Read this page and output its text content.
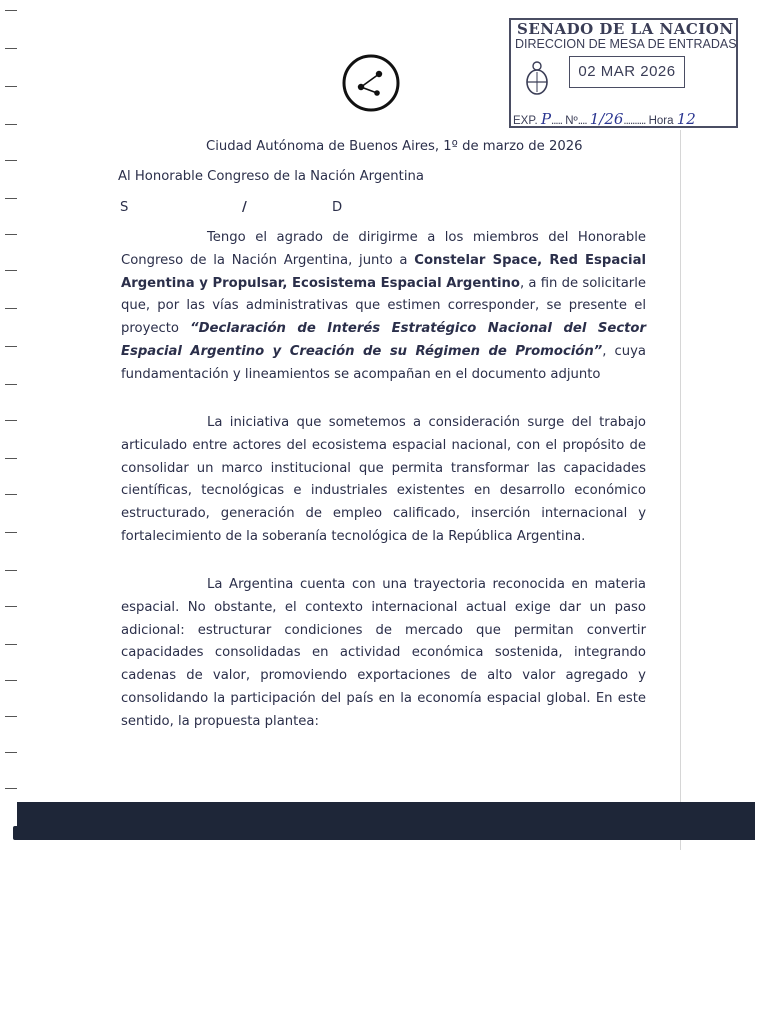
SENADO DE LA NACION
DIRECCION DE MESA DE ENTRADAS
02 MAR 2026
EXP. P..... Nº.... 1/26.......... Hora 12
Ciudad Autónoma de Buenos Aires, 1º de marzo de 2026
Al Honorable Congreso de la Nación Argentina
S	/	D
Tengo el agrado de dirigirme a los miembros del Honorable Congreso de la Nación Argentina, junto a Constelar Space, Red Espacial Argentina y Propulsar, Ecosistema Espacial Argentino, a fin de solicitarle que, por las vías administrativas que estimen corresponder, se presente el proyecto “Declaración de Interés Estratégico Nacional del Sector Espacial Argentino y Creación de su Régimen de Promoción”, cuya fundamentación y lineamientos se acompañan en el documento adjunto
La iniciativa que sometemos a consideración surge del trabajo articulado entre actores del ecosistema espacial nacional, con el propósito de consolidar un marco institucional que permita transformar las capacidades científicas, tecnológicas e industriales existentes en desarrollo económico estructurado, generación de empleo calificado, inserción internacional y fortalecimiento de la soberanía tecnológica de la República Argentina.
La Argentina cuenta con una trayectoria reconocida en materia espacial. No obstante, el contexto internacional actual exige dar un paso adicional: estructurar condiciones de mercado que permitan convertir capacidades consolidadas en actividad económica sostenida, integrando cadenas de valor, promoviendo exportaciones de alto valor agregado y consolidando la participación del país en la economía espacial global. En este sentido, la propuesta plantea:
